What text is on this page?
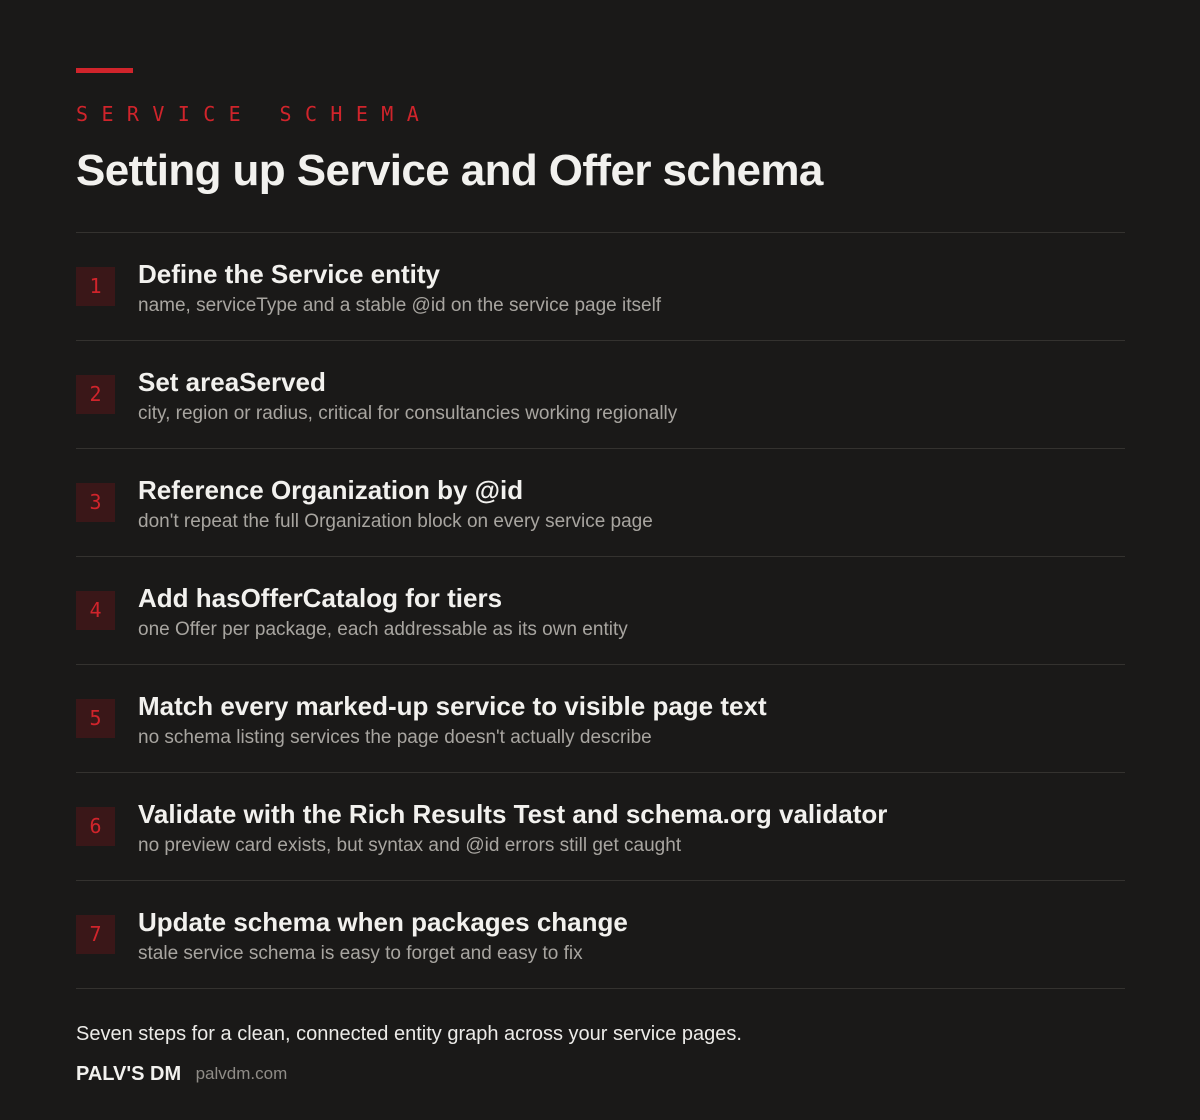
SERVICE SCHEMA
Setting up Service and Offer schema
1	Define the Service entity
name, serviceType and a stable @id on the service page itself
2	Set areaServed
city, region or radius, critical for consultancies working regionally
3	Reference Organization by @id
don't repeat the full Organization block on every service page
4	Add hasOfferCatalog for tiers
one Offer per package, each addressable as its own entity
5	Match every marked-up service to visible page text
no schema listing services the page doesn't actually describe
6	Validate with the Rich Results Test and schema.org validator
no preview card exists, but syntax and @id errors still get caught
7	Update schema when packages change
stale service schema is easy to forget and easy to fix
Seven steps for a clean, connected entity graph across your service pages.
PALV'S DM palvdm.com
